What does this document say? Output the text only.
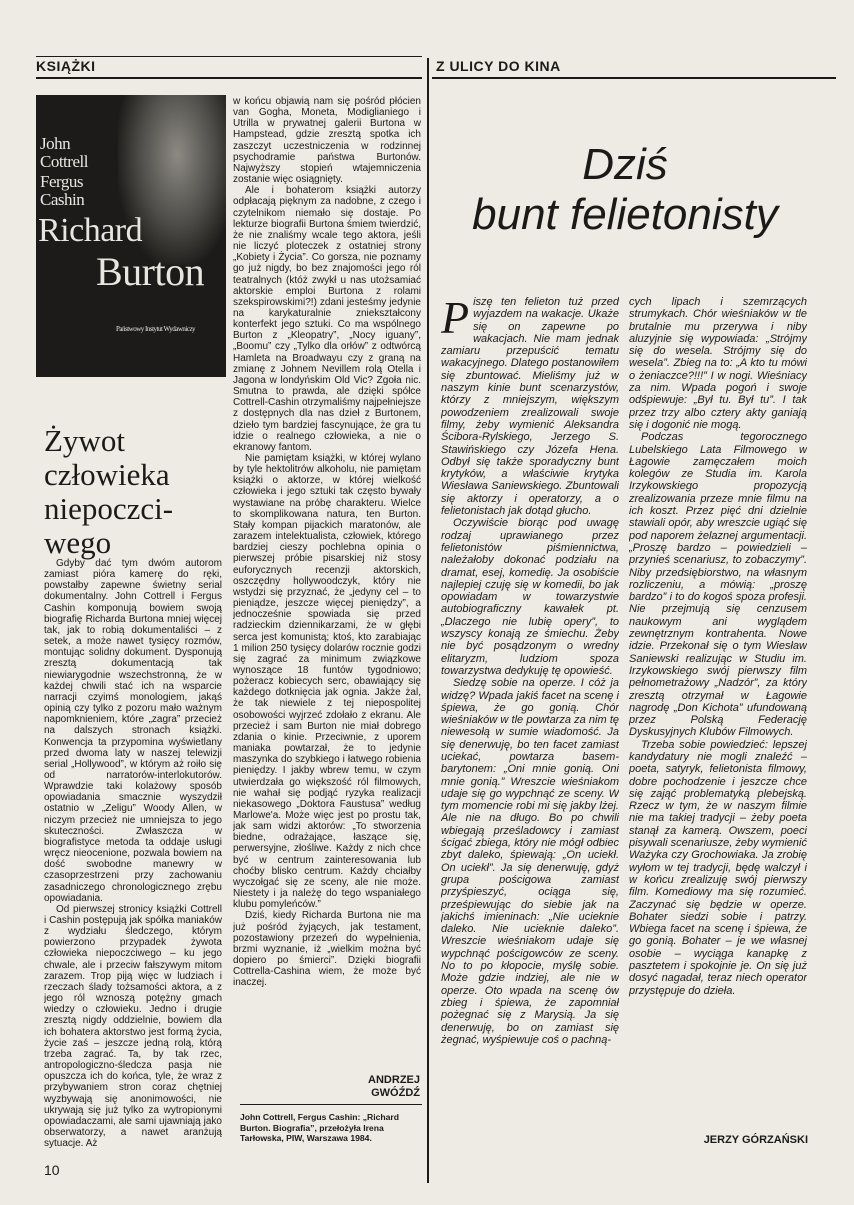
KSIĄŻKI	Z ULICY DO KINA
John Cottrell
Fergus Cashin
Richard
Burton
Państwowy Instytut Wydawniczy
Żywot człowieka niepoczci-wego

Gdyby dać tym dwóm autorom zamiast pióra kamerę do ręki, powstałby zapewne świetny serial dokumentalny. John Cottrell i Fergus Cashin komponują bowiem swoją biografię Richarda Burtona mniej więcej tak, jak to robią dokumentaliści – z setek, a może nawet tysięcy rozmów, montując solidny dokument. Dysponują zresztą dokumentacją tak niewiarygodnie wszechstronną, że w każdej chwili stać ich na wsparcie narracji czyimś monologiem, jakąś opinią czy tylko z pozoru mało ważnym napomknieniem, które „zagra” przecież na dalszych stronach książki. Konwencja ta przypomina wyświetlany przed dwoma laty w naszej telewizji serial „Hollywood”, w którym aż roiło się od narratorów-interlokutorów. Wprawdzie taki kolażowy sposób opowiadania smacznie wyszydził ostatnio w „Zeligu” Woody Allen, w niczym przecież nie umniejsza to jego skuteczności. Zwłaszcza w biografistyce metoda ta oddaje usługi wręcz nieocenione, pozwala bowiem na dość swobodne manewry w czasoprzestrzeni przy zachowaniu zasadniczego chronologicznego zrębu opowiadania.

Od pierwszej stronicy książki Cottrell i Cashin postępują jak spółka maniaków z wydziału śledczego, którym powierzono przypadek żywota człowieka niepoczciwego – ku jego chwale, ale i przeciw fałszywym mitom zarazem. Trop piją więc w ludziach i rzeczach ślady tożsamości aktora, a z jego ról wznoszą potężny gmach wiedzy o człowieku. Jedno i drugie zresztą nigdy oddzielnie, bowiem dla ich bohatera aktorstwo jest formą życia, życie zaś – jeszcze jedną rolą, którą trzeba zagrać. Ta, by tak rzec, antropologiczno-śledcza pasja nie opuszcza ich do końca, tyle, że wraz z przybywaniem stron coraz chętniej wyzbywają się anonimowości, nie ukrywają się już tylko za wytropionymi opowiadaczami, ale sami ujawniają jako obserwatorzy, a nawet aranżują sytuacje. Aż

w końcu objawią nam się pośród płócien van Gogha, Moneta, Modiglianiego i Utrilla w prywatnej galerii Burtona w Hampstead, gdzie zresztą spotka ich zaszczyt uczestniczenia w rodzinnej psychodramie państwa Burtonów. Najwyższy stopień wtajemniczenia zostanie więc osiągnięty.

Ale i bohaterom książki autorzy odpłacają pięknym za nadobne, z czego i czytelnikom niemało się dostaje. Po lekturze biografii Burtona śmiem twierdzić, że nie znaliśmy wcale tego aktora, jeśli nie liczyć ploteczek z ostatniej strony „Kobiety i Życia”. Co gorsza, nie poznamy go już nigdy, bo bez znajomości jego ról teatralnych (któż zwykł u nas utożsamiać aktorskie emploi Burtona z rolami szekspirowskimi?!) zdani jesteśmy jedynie na karykaturalnie zniekształcony konterfekt jego sztuki. Co ma wspólnego Burton z „Kleopatry”, „Nocy iguany”, „Boomu” czy „Tylko dla orłów” z odtwórcą Hamleta na Broadwayu czy z graną na zmianę z Johnem Nevillem rolą Otella i Jagona w londyńskim Old Vic? Zgoła nic. Smutna to prawda, ale dzięki spółce Cottrell-Cashin otrzymaliśmy najpełniejsze z dostępnych dla nas dzieł z Burtonem, dzieło tym bardziej fascynujące, że gra tu idzie o realnego człowieka, a nie o ekranowy fantom.

Nie pamiętam książki, w której wylano by tyle hektolitrów alkoholu, nie pamiętam książki o aktorze, w której wielkość człowieka i jego sztuki tak często bywały wystawiane na próbę charakteru. Wielce to skomplikowana natura, ten Burton. Stały kompan pijackich maratonów, ale zarazem intelektualista, człowiek, którego bardziej cieszy pochlebna opinia o pierwszej próbie pisarskiej niż stosy euforycznych recenzji aktorskich, oszczędny hollywoodczyk, który nie wstydzi się przyznać, że „jedyny cel – to pieniądze, jeszcze więcej pieniędzy”, a jednocześnie spowiada się przed radzieckim dziennikarzami, że w głębi serca jest komunistą; ktoś, kto zarabiając 1 milion 250 tysięcy dolarów rocznie godzi się zagrać za minimum związkowe wynoszące 18 funtów tygodniowo; pożeracz kobiecych serc, obawiający się każdego dotknięcia jak ognia. Jakże żal, że tak niewiele z tej niepospolitej osobowości wyjrzeć zdołało z ekranu. Ale przecież i sam Burton nie miał dobrego zdania o kinie. Przeciwnie, z uporem maniaka powtarzał, że to jedynie maszynka do szybkiego i łatwego robienia pieniędzy. I jakby wbrew temu, w czym utwierdzała go większość ról filmowych, nie wahał się podjąć ryzyka realizacji niekasowego „Doktora Faustusa” według Marlowe'a. Może więc jest po prostu tak, jak sam widzi aktorów: „To stworzenia biedne, odrażające, łaszące się, perwersyjne, złośliwe. Każdy z nich chce być w centrum zainteresowania lub choćby blisko centrum. Każdy chciałby wyczołgać się ze sceny, ale nie może. Niestety i ja należę do tego wspaniałego klubu pomyleńców.”

Dziś, kiedy Richarda Burtona nie ma już pośród żyjących, jak testament, pozostawiony przezeń do wypełnienia, brzmi wyznanie, iż „wielkim można być dopiero po śmierci”. Dzięki biografii Cottrella-Cashina wiem, że może być inaczej.

ANDRZEJ GWÓŹDŹ
John Cottrell, Fergus Cashin: „Richard Burton. Biografia”, przełożyła Irena Tarłowska, PIW, Warszawa 1984.
Dziś
bunt felietonisty

Piszę ten felieton tuż przed wyjazdem na wakacje. Ukaże się on zapewne po wakacjach. Nie mam jednak zamiaru przepuścić tematu wakacyjnego. Dlatego postanowiłem się zbuntować. Mieliśmy już w naszym kinie bunt scenarzystów, którzy z mniejszym, większym powodzeniem zrealizowali swoje filmy, żeby wymienić Aleksandra Ścibora-Rylskiego, Jerzego S. Stawińskiego czy Józefa Hena. Odbył się także sporadyczny bunt krytyków, a właściwie krytyka Wiesława Saniewskiego. Zbuntowali się aktorzy i operatorzy, a o felietonistach jak dotąd głucho.

Oczywiście biorąc pod uwagę rodzaj uprawianego przez felietonistów piśmiennictwa, należałoby dokonać podziału na dramat, esej, komedię. Ja osobiście najlepiej czuję się w komedii, bo jak opowiadam w towarzystwie autobiograficzny kawałek pt. „Dlaczego nie lubię opery”, to wszyscy konają ze śmiechu. Żeby nie być posądzonym o wredny elitaryzm, ludziom spoza towarzystwa dedykuję tę opowieść.

Siedzę sobie na operze. I cóż ja widzę? Wpada jakiś facet na scenę i śpiewa, że go gonią. Chór wieśniaków w tle powtarza za nim tę niewesołą w sumie wiadomość. Ja się denerwuję, bo ten facet zamiast uciekać, powtarza basem-barytonem: „Oni mnie gonią. Oni mnie gonią.” Wreszcie wieśniakom udaje się go wypchnąć ze sceny. W tym momencie robi mi się jakby lżej. Ale nie na długo. Bo po chwili wbiegają prześladowcy i zamiast ścigać zbiega, który nie mógł odbiec zbyt daleko, śpiewają: „On uciekł. On uciekł”. Ja się denerwuję, gdyż grupa pościgowa zamiast przyśpieszyć, ociąga się, prześpiewując do siebie jak na jakichś imieninach: „Nie ucieknie daleko. Nie ucieknie daleko”. Wreszcie wieśniakom udaje się wypchnąć pościgowców ze sceny. No to po kłopocie, myślę sobie. Może gdzie indziej, ale nie w operze. Oto wpada na scenę ów zbieg i śpiewa, że zapomniał pożegnać się z Marysią. Ja się denerwuję, bo on zamiast się żegnać, wyśpiewuje coś o pachną-

cych lipach i szemrzących strumykach. Chór wieśniaków w tle brutalnie mu przerywa i niby aluzyjnie się wypowiada: „Strójmy się do wesela. Strójmy się do wesela”. Zbieg na to: „A kto tu mówi o żeniaczce?!!!” I w nogi. Wieśniacy za nim. Wpada pogoń i swoje odśpiewuje: „Był tu. Był tu”. I tak przez trzy albo cztery akty ganiają się i dogonić nie mogą.

Podczas tegorocznego Lubelskiego Lata Filmowego w Łagowie zamęczałem moich kolegów ze Studia im. Karola Irzykowskiego propozycją zrealizowania przeze mnie filmu na ich koszt. Przez pięć dni dzielnie stawiali opór, aby wreszcie ugiąć się pod naporem żelaznej argumentacji. „Proszę bardzo – powiedzieli – przynieś scenariusz, to zobaczymy”. Niby przedsiębiorstwo, na własnym rozliczeniu, a mówią: „proszę bardzo” i to do kogoś spoza profesji. Nie przejmują się cenzusem naukowym ani wyglądem zewnętrznym kontrahenta. Nowe idzie. Przekonał się o tym Wiesław Saniewski realizując w Studiu im. Irzykowskiego swój pierwszy film pełnometrażowy „Nadzór”, za który zresztą otrzymał w Łagowie nagrodę „Don Kichota” ufundowaną przez Polską Federację Dyskusyjnych Klubów Filmowych.

Trzeba sobie powiedzieć: lepszej kandydatury nie mogli znaleźć – poeta, satyryk, felietonista filmowy, dobre pochodzenie i jeszcze chce się zająć problematyką plebejską. Rzecz w tym, że w naszym filmie nie ma takiej tradycji – żeby poeta stanął za kamerą. Owszem, poeci pisywali scenariusze, żeby wymienić Ważyka czy Grochowiaka. Ja zrobię wyłom w tej tradycji, będę walczył i w końcu zrealizuję swój pierwszy film. Komediowy ma się rozumieć. Zaczynać się będzie w operze. Bohater siedzi sobie i patrzy. Wbiega facet na scenę i śpiewa, że go gonią. Bohater – je we własnej osobie – wyciąga kanapkę z pasztetem i spokojnie je. On się już dosyć nagadał, teraz niech operator przystępuje do dzieła.

JERZY GÓRZAŃSKI
10
